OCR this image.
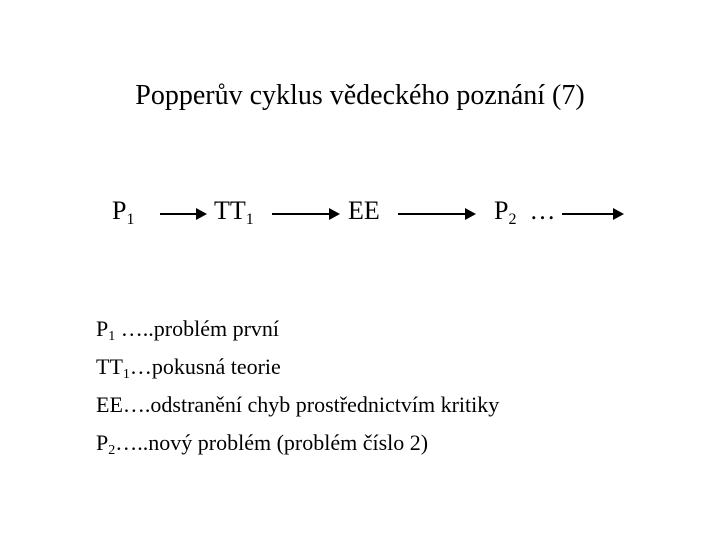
Popperův cyklus vědeckého poznání (7)
$P_1$	$TT_1$	EE	$P_2$  …
$P_1$ …..problém první
$TT_1\dots pokusná$ teorie
EE….odstranění chyb prostřednictvím kritiky
$P_2\dots..nový$ problém (problém číslo 2)
